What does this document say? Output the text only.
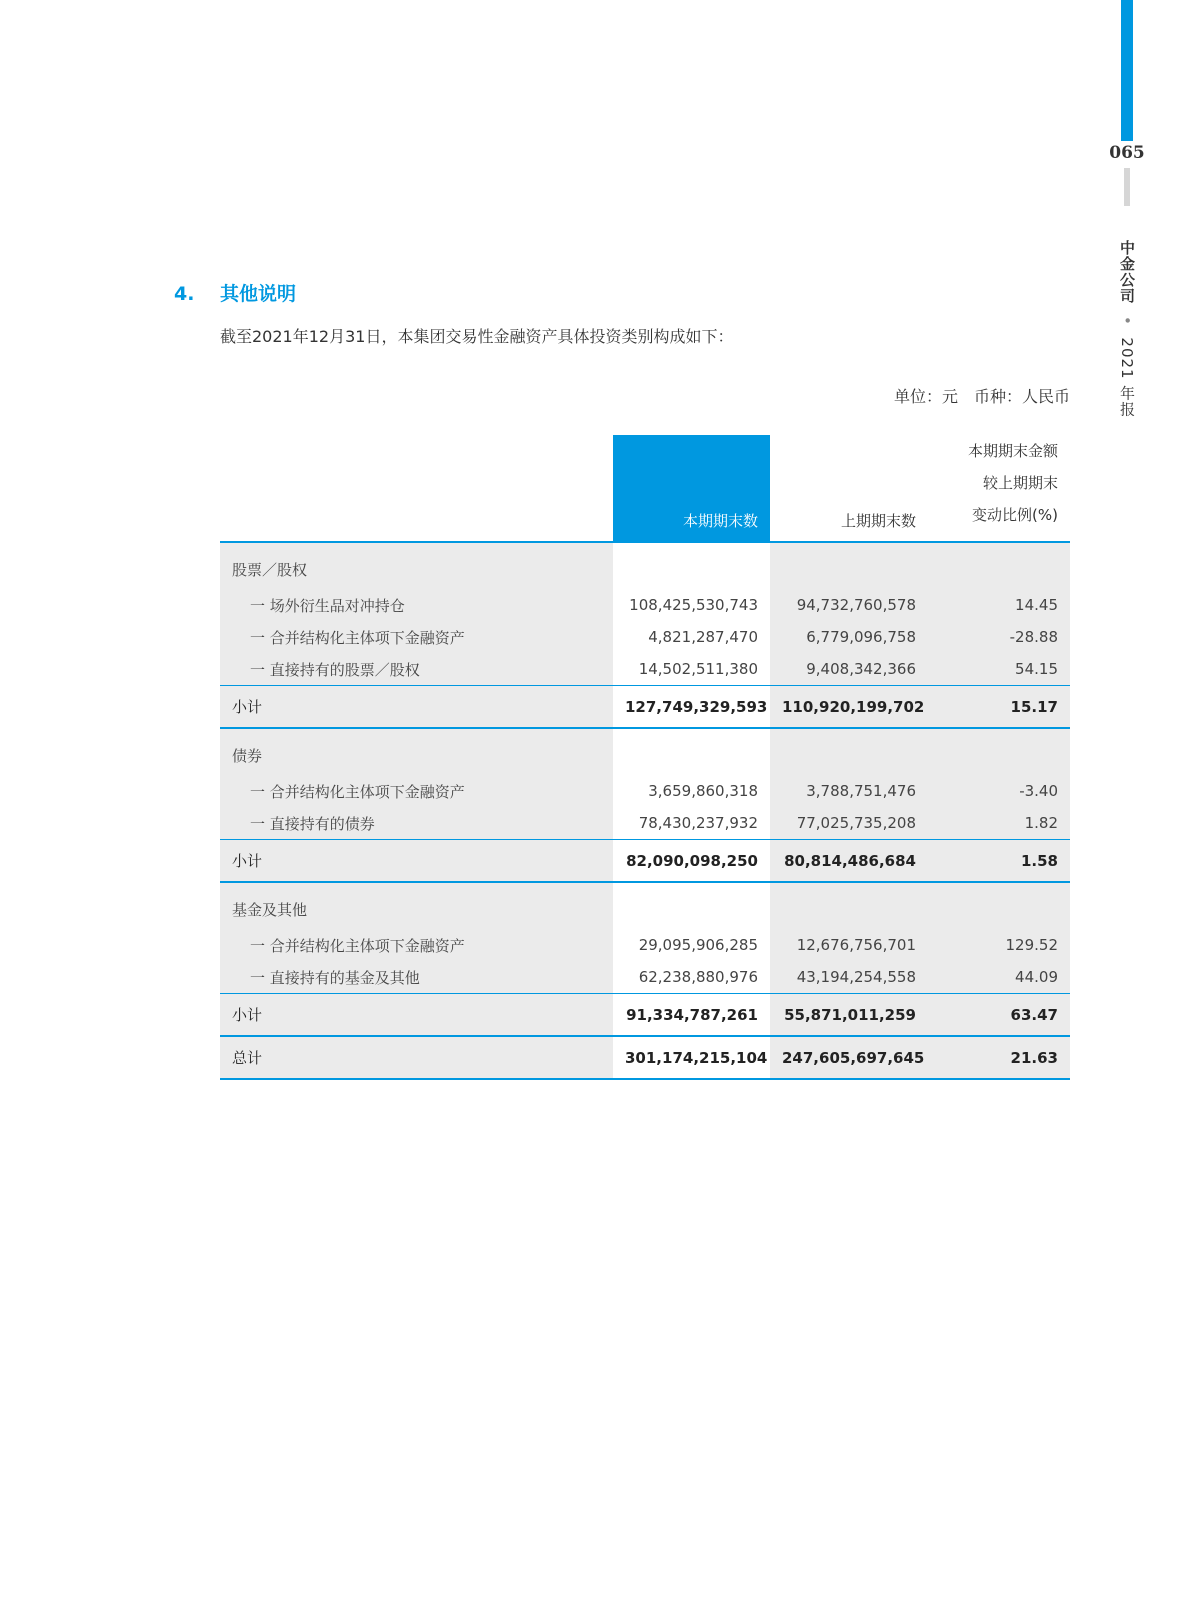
065
中金公司 • 2021 年报
4. 其他说明
截至2021年12月31日，本集团交易性金融资产具体投资类别构成如下：
单位：元　币种：人民币
	本期期末数	上期期末数	本期期末金额
较上期期末
变动比例(%)

股票／股权			
一 场外衍生品对冲持仓	108,425,530,743	94,732,760,578	14.45
一 合并结构化主体项下金融资产	4,821,287,470	6,779,096,758	-28.88
一 直接持有的股票／股权	14,502,511,380	9,408,342,366	54.15
小计	127,749,329,593	110,920,199,702	15.17
债券			
一 合并结构化主体项下金融资产	3,659,860,318	3,788,751,476	-3.40
一 直接持有的债券	78,430,237,932	77,025,735,208	1.82
小计	82,090,098,250	80,814,486,684	1.58
基金及其他			
一 合并结构化主体项下金融资产	29,095,906,285	12,676,756,701	129.52
一 直接持有的基金及其他	62,238,880,976	43,194,254,558	44.09
小计	91,334,787,261	55,871,011,259	63.47
总计	301,174,215,104	247,605,697,645	21.63
